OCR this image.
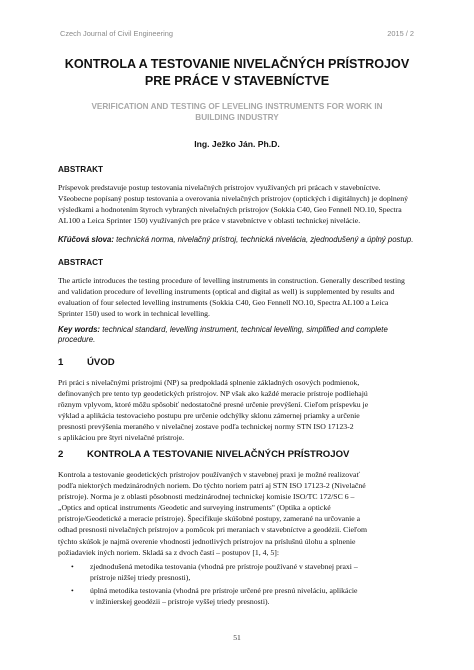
Czech Journal of Civil Engineering	2015 / 2
KONTROLA A TESTOVANIE NIVELAČNÝCH PRÍSTROJOV
PRE PRÁCE V STAVEBNÍCTVE
VERIFICATION AND TESTING OF LEVELING INSTRUMENTS FOR WORK IN
BUILDING INDUSTRY
Ing. Ježko Ján. Ph.D.
ABSTRAKT
Príspevok predstavuje postup testovania nivelačných prístrojov využívaných pri prácach v stavebníctve.
Všeobecne popísaný postup testovania a overovania nivelačných prístrojov (optických i digitálnych) je doplnený
výsledkami a hodnotením štyroch vybraných nivelačných prístrojov (Sokkia C40, Geo Fennell NO.10, Spectra
AL100 a Leica Sprinter 150) využívaných pre práce v stavebníctve v oblasti technickej nivelácie.
Kľúčová slova: technická norma, nivelačný prístroj, technická nivelácia, zjednodušený a úplný postup.
ABSTRACT
The article introduces the testing procedure of levelling instruments in construction. Generally described testing
and validation procedure of levelling instruments (optical and digital as well) is supplemented by results and
evaluation of four selected levelling instruments (Sokkia C40, Geo Fennell NO.10, Spectra AL100 a Leica
Sprinter 150) used to work in technical levelling.
Key words: technical standard, levelling instrument, technical levelling, simplified and complete
procedure.
1 ÚVOD
Pri práci s nivelačnými prístrojmi (NP) sa predpokladá splnenie základných osových podmienok,
definovaných pre tento typ geodetických prístrojov. NP však ako každé meracie prístroje podliehajú
rôznym vplyvom, ktoré môžu spôsobiť nedostatočné presné určenie prevýšení. Cieľom príspevku je
výklad a aplikácia testovacieho postupu pre určenie odchýlky sklonu zámernej priamky a určenie
presnosti prevýšenia meraného v nivelačnej zostave podľa technickej normy STN ISO 17123-2
s aplikáciou pre štyri nivelačné prístroje.
2 KONTROLA A TESTOVANIE NIVELAČNÝCH PRÍSTROJOV
Kontrola a testovanie geodetických prístrojov používaných v stavebnej praxi je možné realizovať
podľa niektorých medzinárodných noriem. Do týchto noriem patrí aj STN ISO 17123-2 (Nivelačné
prístroje). Norma je z oblasti pôsobnosti medzinárodnej technickej komisie ISO/TC 172/SC 6 –
„Optics and optical instruments /Geodetic and surveying instruments" (Optika a optické
prístroje/Geodetické a meracie prístroje). Špecifikuje skúšobné postupy, zamerané na určovanie a
odhad presnosti nivelačných prístrojov a pomôcok pri meraniach v stavebníctve a geodézii. Cieľom
týchto skúšok je najmä overenie vhodnosti jednotlivých prístrojov na príslušnú úlohu a splnenie
požiadaviek iných noriem. Skladá sa z dvoch častí – postupov [1, 4, 5]:
• zjednodušená metodika testovania (vhodná pre prístroje používané v stavebnej praxi –
prístroje nižšej triedy presnosti),
• úplná metodika testovania (vhodná pre prístroje určené pre presnú niveláciu, aplikácie
v inžinierskej geodézii – prístroje vyššej triedy presnosti).
51
